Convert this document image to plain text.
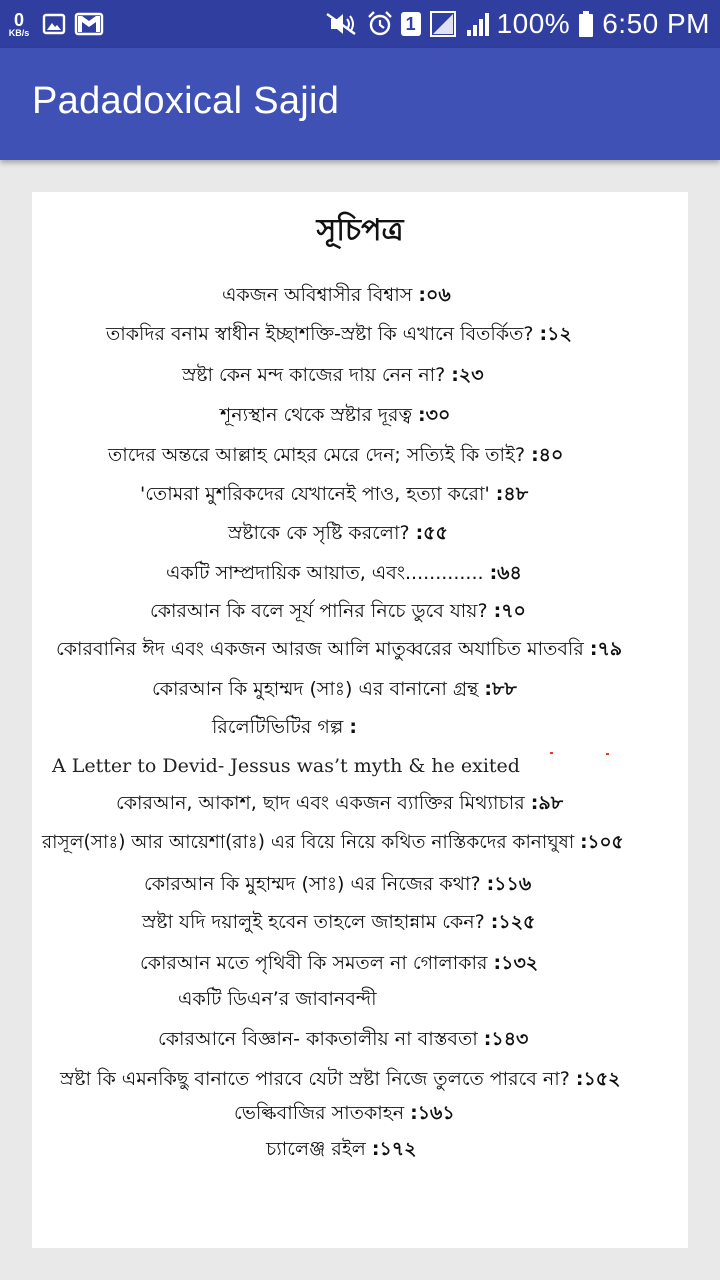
0
KB/s	1	100% 6:50 PM
Padadoxical Sajid
সূচিপত্র
একজন অবিশ্বাসীর বিশ্বাস :০৬
তাকদির বনাম স্বাধীন ইচ্ছাশক্তি-স্রষ্টা কি এখানে বিতর্কিত? :১২
স্রষ্টা কেন মন্দ কাজের দায় নেন না? :২৩
শূন্যস্থান থেকে স্রষ্টার দূরত্ব :৩০
তাদের অন্তরে আল্লাহ মোহর মেরে দেন; সত্যিই কি তাই? :৪০
'তোমরা মুশরিকদের যেখানেই পাও, হত্যা করো' :৪৮
স্রষ্টাকে কে সৃষ্টি করলো? :৫৫
একটি সাম্প্রদায়িক আয়াত, এবং............. :৬৪
কোরআন কি বলে সূর্য পানির নিচে ডুবে যায়? :৭০
কোরবানির ঈদ এবং একজন আরজ আলি মাতুব্বরের অযাচিত মাতবরি :৭৯
কোরআন কি মুহাম্মদ (সাঃ) এর বানানো গ্রন্থ :৮৮
রিলেটিভিটির গল্প :
A Letter to Devid- Jessus was’t myth & he exited
কোরআন, আকাশ, ছাদ এবং একজন ব্যাক্তির মিথ্যাচার :৯৮
রাসূল(সাঃ) আর আয়েশা(রাঃ) এর বিয়ে নিয়ে কথিত নাস্তিকদের কানাঘুষা :১০৫
কোরআন কি মুহাম্মদ (সাঃ) এর নিজের কথা? :১১৬
স্রষ্টা যদি দয়ালুই হবেন তাহলে জাহান্নাম কেন? :১২৫
কোরআন মতে পৃথিবী কি সমতল না গোলাকার :১৩২
একটি ডিএন’র জাবানবন্দী
কোরআনে বিজ্ঞান- কাকতালীয় না বাস্তবতা :১৪৩
স্রষ্টা কি এমনকিছু বানাতে পারবে যেটা স্রষ্টা নিজে তুলতে পারবে না? :১৫২
ভেল্কিবাজির সাতকাহন :১৬১
চ্যালেঞ্জ রইল :১৭২
